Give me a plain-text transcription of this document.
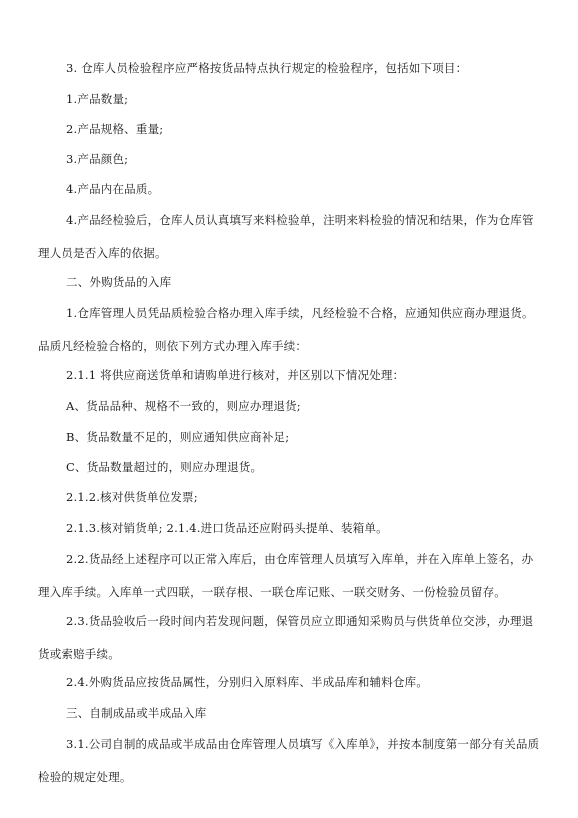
3. 仓库人员检验程序应严格按货品特点执行规定的检验程序，包括如下项目：
1.产品数量;
2.产品规格、重量;
3.产品颜色;
4.产品内在品质。
4.产品经检验后，仓库人员认真填写来料检验单，注明来料检验的情况和结果，作为仓库管理人员是否入库的依据。
二、外购货品的入库
1.仓库管理人员凭品质检验合格办理入库手续，凡经检验不合格，应通知供应商办理退货。品质凡经检验合格的，则依下列方式办理入库手续：
2.1.1 将供应商送货单和请购单进行核对，并区别以下情况处理：
A、货品品种、规格不一致的，则应办理退货;
B、货品数量不足的，则应通知供应商补足;
C、货品数量超过的，则应办理退货。
2.1.2.核对供货单位发票;
2.1.3.核对销货单; 2.1.4.进口货品还应附码头提单、装箱单。
2.2.货品经上述程序可以正常入库后，由仓库管理人员填写入库单，并在入库单上签名，办理入库手续。入库单一式四联，一联存根、一联仓库记账、一联交财务、一份检验员留存。
2.3.货品验收后一段时间内若发现问题，保管员应立即通知采购员与供货单位交涉，办理退货或索赔手续。
2.4.外购货品应按货品属性，分别归入原料库、半成品库和辅料仓库。
三、自制成品或半成品入库
3.1.公司自制的成品或半成品由仓库管理人员填写《入库单》，并按本制度第一部分有关品质检验的规定处理。
